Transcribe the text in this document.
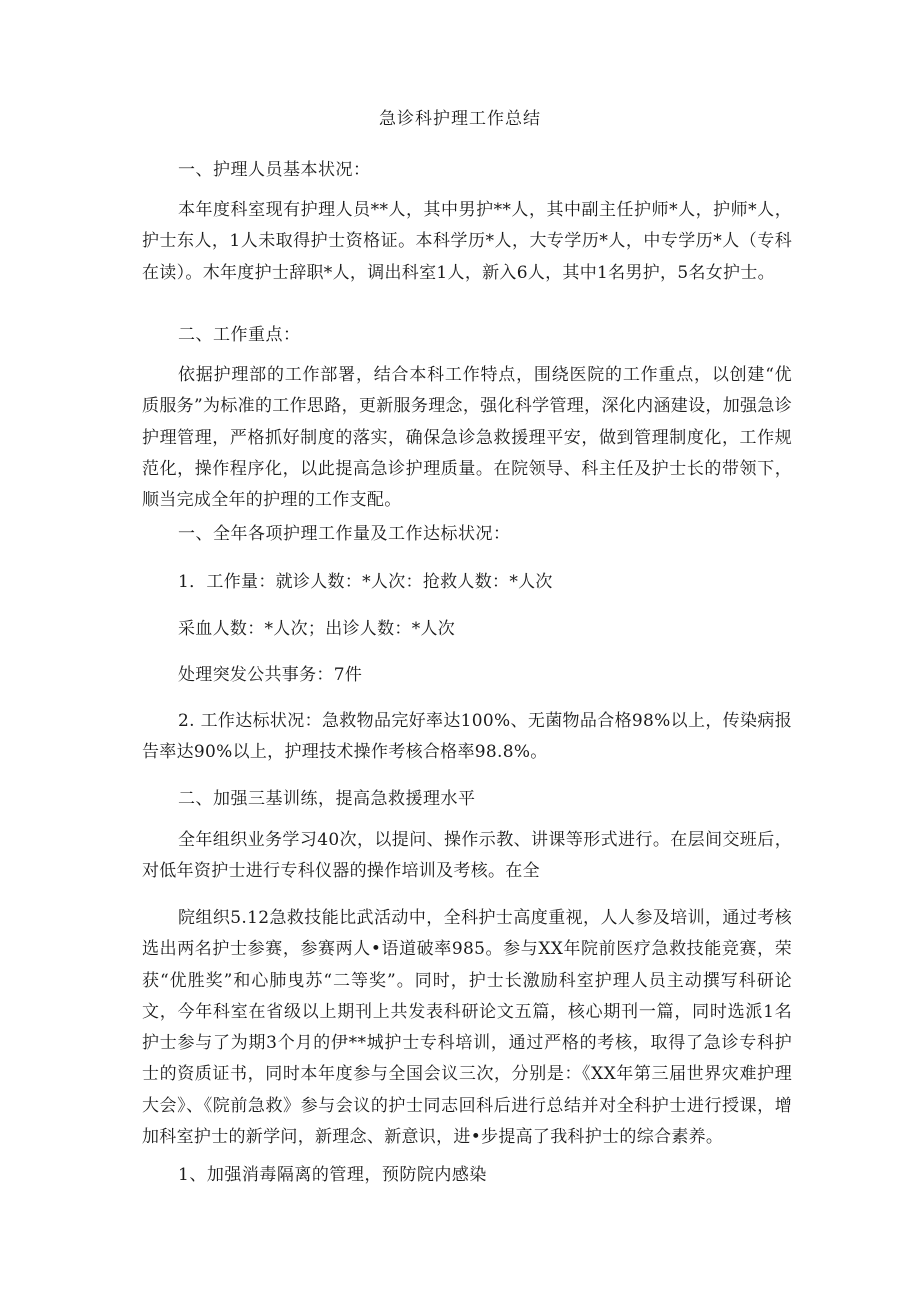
急诊科护理工作总结
一、护理人员基本状况：
本年度科室现有护理人员**人，其中男护**人，其中副主任护师*人，护师*人，护士东人，1人未取得护士资格证。本科学历*人，大专学历*人，中专学历*人（专科在读）。木年度护士辞职*人，调出科室1人，新入6人，其中1名男护，5名女护士。
二、工作重点：
依据护理部的工作部署，结合本科工作特点，围绕医院的工作重点，以创建“优质服务”为标准的工作思路，更新服务理念，强化科学管理，深化内涵建设，加强急诊护理管理，严格抓好制度的落实，确保急诊急救援理平安，做到管理制度化，工作规范化，操作程序化，以此提高急诊护理质量。在院领导、科主任及护士长的带领下，顺当完成全年的护理的工作支配。
一、全年各项护理工作量及工作达标状况：
1．工作量：就诊人数：*人次：抢救人数：*人次
采血人数：*人次；出诊人数：*人次
处理突发公共事务：7件
2. 工作达标状况：急救物品完好率达100%、无菌物品合格98%以上，传染病报告率达90%以上，护理技术操作考核合格率98.8%。
二、加强三基训练，提高急救援理水平
全年组织业务学习40次，以提问、操作示教、讲课等形式进行。在层间交班后，对低年资护士进行专科仪器的操作培训及考核。在全
院组织5.12急救技能比武活动中，全科护士高度重视，人人参及培训，通过考核选出两名护士参赛，参赛两人•语道破率985。参与XX年院前医疗急救技能竞赛，荣获“优胜奖”和心肺曳苏“二等奖”。同时，护士长激励科室护理人员主动撰写科研论文，今年科室在省级以上期刊上共发表科研论文五篇，核心期刊一篇，同时选派1名护士参与了为期3个月的伊**城护士专科培训，通过严格的考核，取得了急诊专科护士的资质证书，同时本年度参与全国会议三次，分别是：《XX年第三届世界灾难护理大会》、《院前急救》参与会议的护士同志回科后进行总结并对全科护士进行授课，增加科室护士的新学问，新理念、新意识，进•步提高了我科护士的综合素养。
1、加强消毒隔离的管理，预防院内感染
